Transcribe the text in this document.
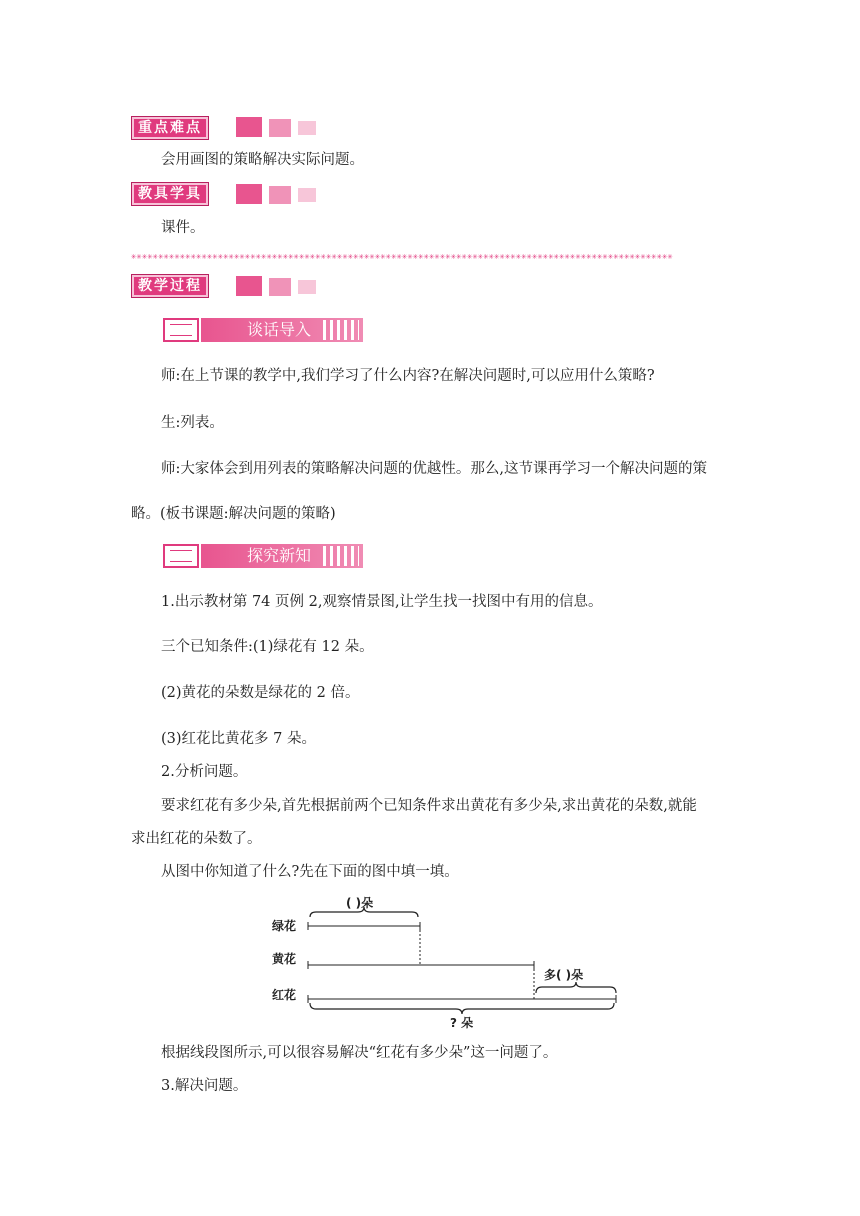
重点难点
会用画图的策略解决实际问题。
教具学具
课件。
✳✳✳✳✳✳✳✳✳✳✳✳✳✳✳✳✳✳✳✳✳✳✳✳✳✳✳✳✳✳✳✳✳✳✳✳✳✳✳✳✳✳✳✳✳✳✳✳✳✳✳✳✳✳✳✳✳✳✳✳✳✳✳✳✳✳✳✳✳✳✳✳✳✳✳✳✳✳✳✳✳✳✳✳✳✳✳✳✳✳✳✳✳✳✳✳✳✳✳✳
教学过程
谈话导入
师:在上节课的教学中,我们学习了什么内容?在解决问题时,可以应用什么策略?
生:列表。
师:大家体会到用列表的策略解决问题的优越性。那么,这节课再学习一个解决问题的策
略。(板书课题:解决问题的策略)
探究新知
1.出示教材第 74 页例 2,观察情景图,让学生找一找图中有用的信息。
三个已知条件:(1)绿花有 12 朵。
(2)黄花的朵数是绿花的 2 倍。
(3)红花比黄花多 7 朵。
2.分析问题。
要求红花有多少朵,首先根据前两个已知条件求出黄花有多少朵,求出黄花的朵数,就能
求出红花的朵数了。
从图中你知道了什么?先在下面的图中填一填。
绿花
黄花
红花
( )朵
多( )朵
? 朵
根据线段图所示,可以很容易解决“红花有多少朵”这一问题了。
3.解决问题。
